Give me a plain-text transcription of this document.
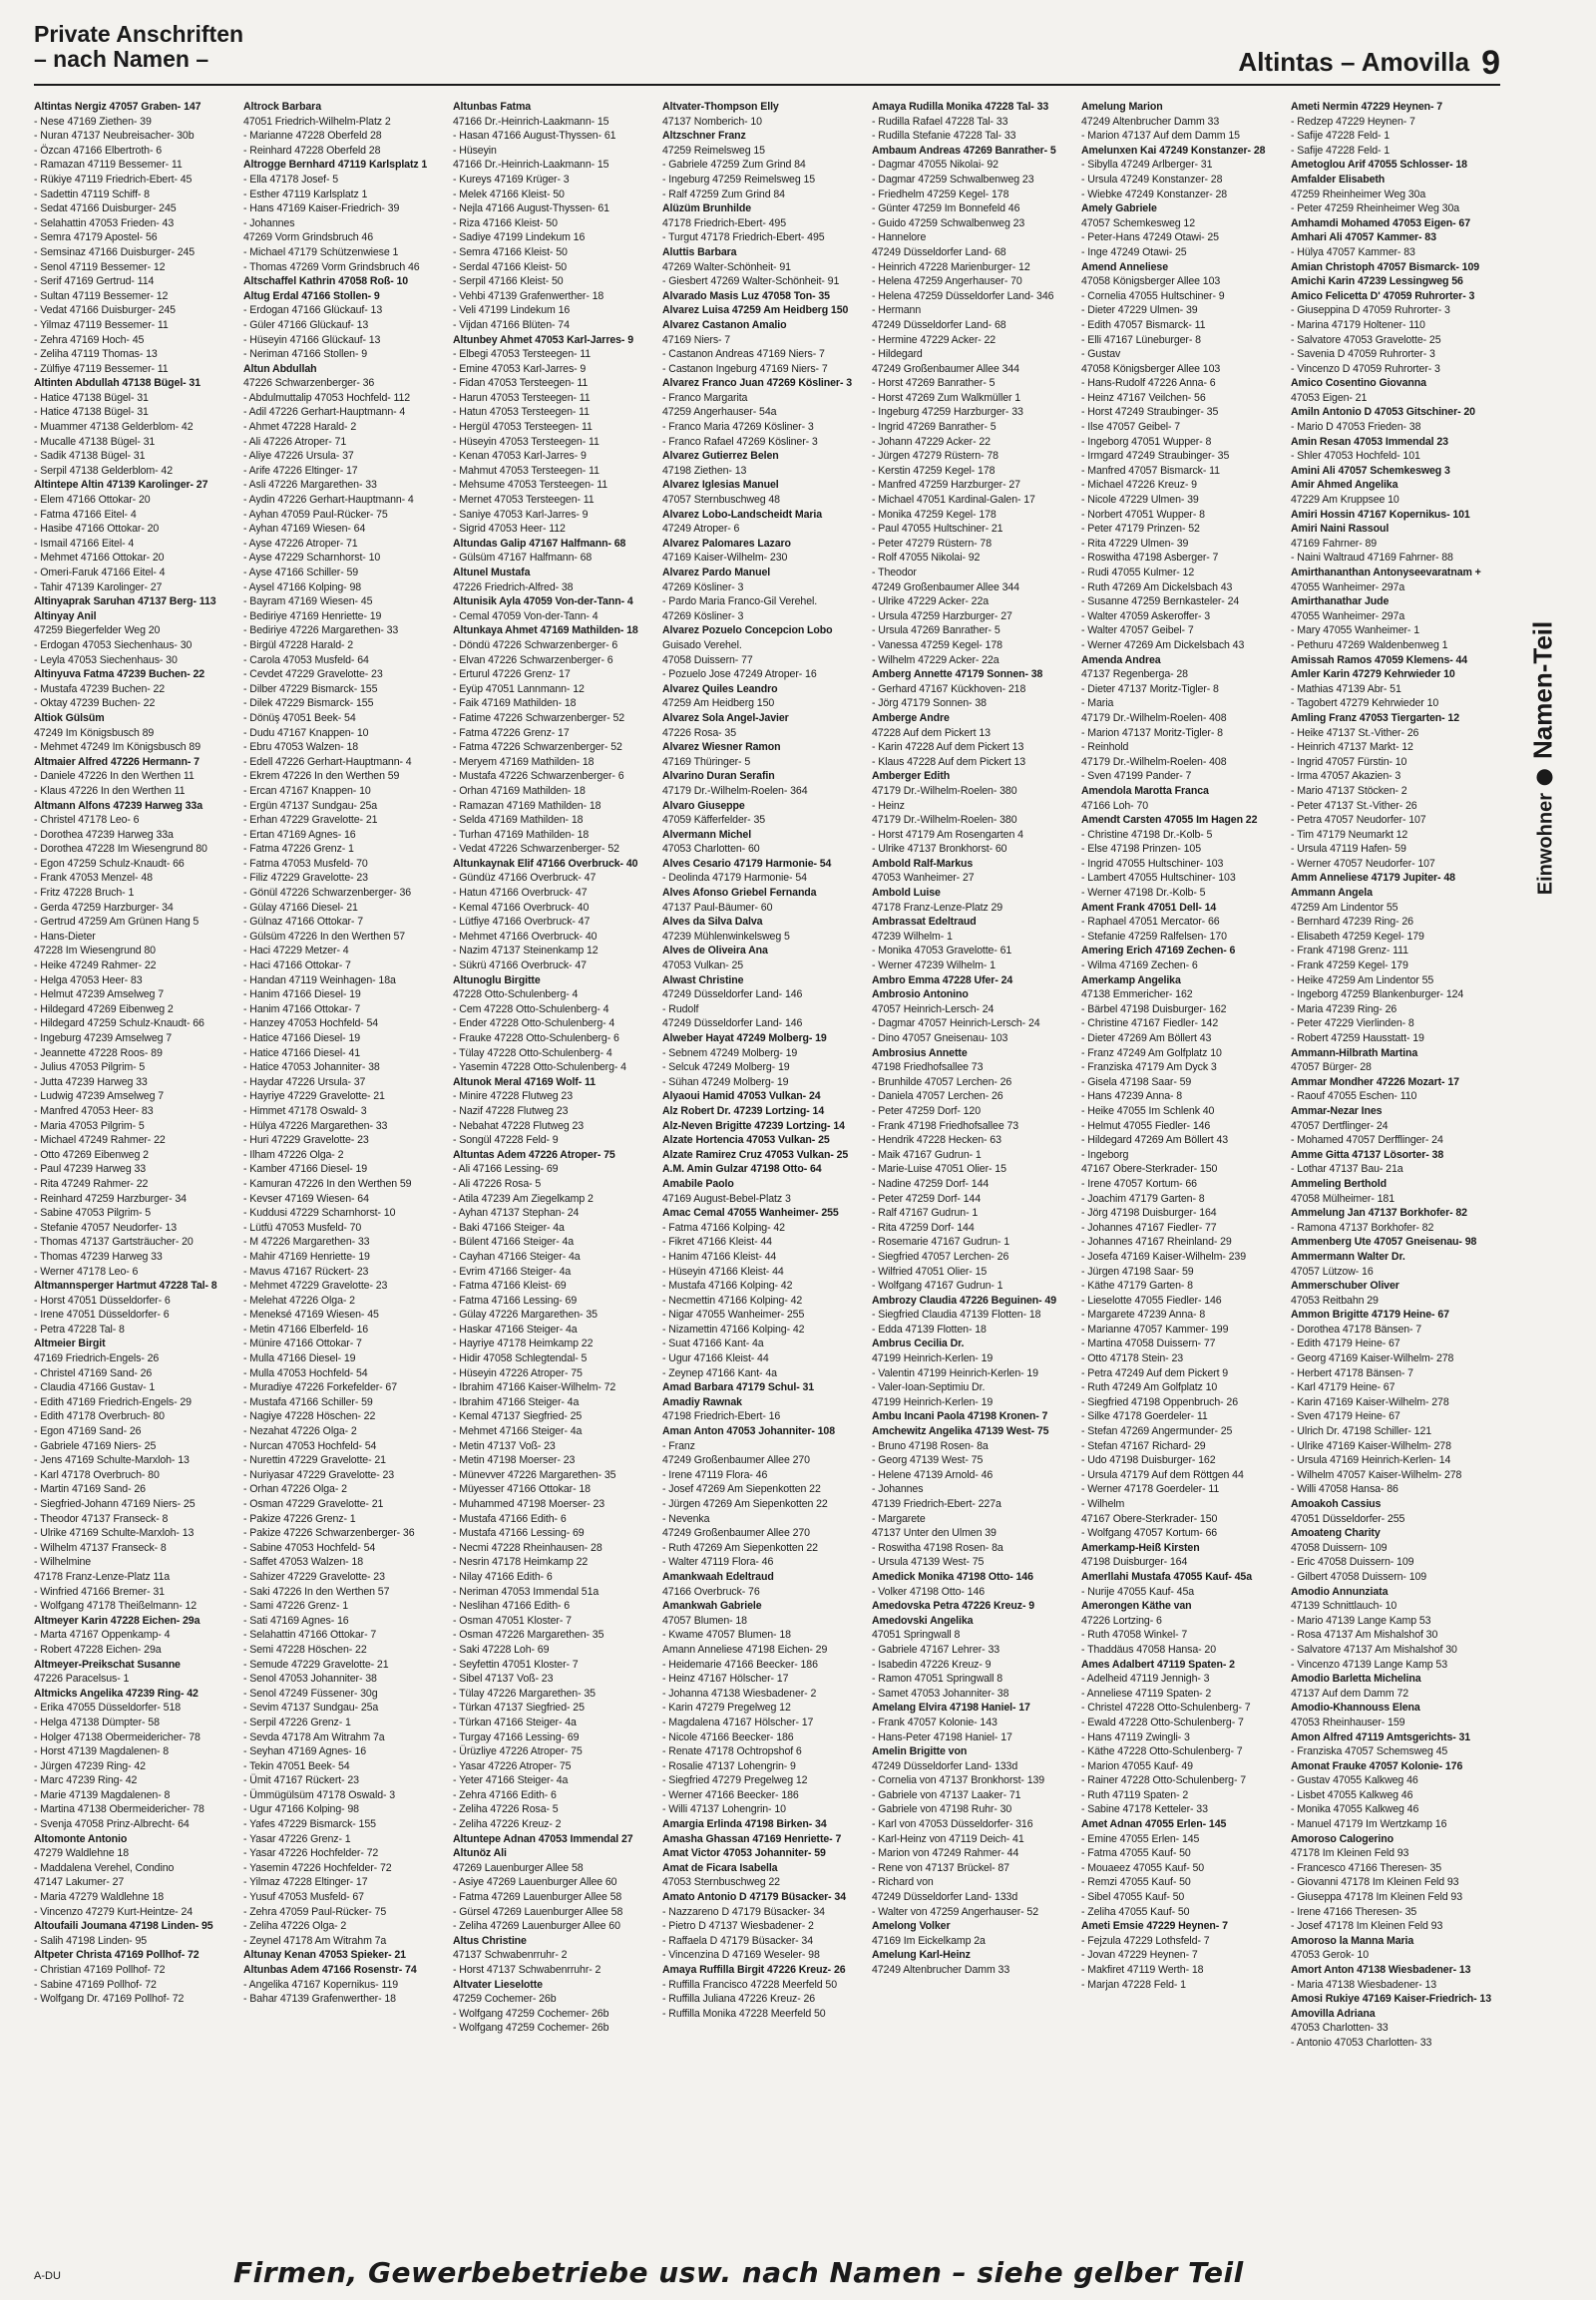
Private Anschriften
– nach Namen –	Altintas – Amovilla 9
Altintas Nergiz 47057 Graben- 147
- Nese 47169 Ziethen- 39
- Nuran 47137 Neubreisacher- 30b
- Özcan 47166 Elbertroth- 6
- Ramazan 47119 Bessemer- 11
- Rükiye 47119 Friedrich-Ebert- 45
- Sadettin 47119 Schiff- 8
- Sedat 47166 Duisburger- 245
- Selahattin 47053 Frieden- 43
- Semra 47179 Apostel- 56
- Semsinaz 47166 Duisburger- 245
- Senol 47119 Bessemer- 12
- Serif 47169 Gertrud- 114
- Sultan 47119 Bessemer- 12
- Vedat 47166 Duisburger- 245
- Yilmaz 47119 Bessemer- 11
- Zehra 47169 Hoch- 45
- Zeliha 47119 Thomas- 13
- Zülfiye 47119 Bessemer- 11
Altinten Abdullah 47138 Bügel- 31
- Hatice 47138 Bügel- 31
- Hatice 47138 Bügel- 31
- Muammer 47138 Gelderblom- 42
- Mucalle 47138 Bügel- 31
- Sadik 47138 Bügel- 31
- Serpil 47138 Gelderblom- 42
Altintepe Altin 47139 Karolinger- 27
- Elem 47166 Ottokar- 20
- Fatma 47166 Eitel- 4
- Hasibe 47166 Ottokar- 20
- Ismail 47166 Eitel- 4
- Mehmet 47166 Ottokar- 20
- Omeri-Faruk 47166 Eitel- 4
- Tahir 47139 Karolinger- 27
Altinyaprak Saruhan 47137 Berg- 113
Altinyay Anil
47259 Biegerfelder Weg 20
- Erdogan 47053 Siechenhaus- 30
- Leyla 47053 Siechenhaus- 30
Altinyuva Fatma 47239 Buchen- 22
- Mustafa 47239 Buchen- 22
- Oktay 47239 Buchen- 22
Altiok Gülsüm
47249 Im Königsbusch 89
- Mehmet 47249 Im Königsbusch 89
Altmaier Alfred 47226 Hermann- 7
- Daniele 47226 In den Werthen 11
- Klaus 47226 In den Werthen 11
Altmann Alfons 47239 Harweg 33a
- Christel 47178 Leo- 6
- Dorothea 47239 Harweg 33a
- Dorothea 47228 Im Wiesengrund 80
- Egon 47259 Schulz-Knaudt- 66
- Frank 47053 Menzel- 48
- Fritz 47228 Bruch- 1
- Gerda 47259 Harzburger- 34
- Gertrud 47259 Am Grünen Hang 5
- Hans-Dieter
47228 Im Wiesengrund 80
- Heike 47249 Rahmer- 22
- Helga 47053 Heer- 83
- Helmut 47239 Amselweg 7
- Hildegard 47269 Eibenweg 2
- Hildegard 47259 Schulz-Knaudt- 66
- Ingeburg 47239 Amselweg 7
- Jeannette 47228 Roos- 89
- Julius 47053 Pilgrim- 5
- Jutta 47239 Harweg 33
- Ludwig 47239 Amselweg 7
- Manfred 47053 Heer- 83
- Maria 47053 Pilgrim- 5
- Michael 47249 Rahmer- 22
- Otto 47269 Eibenweg 2
- Paul 47239 Harweg 33
- Rita 47249 Rahmer- 22
- Reinhard 47259 Harzburger- 34
- Sabine 47053 Pilgrim- 5
- Stefanie 47057 Neudorfer- 13
- Thomas 47137 Gartsträucher- 20
- Thomas 47239 Harweg 33
- Werner 47178 Leo- 6
Altmannsperger Hartmut 47228 Tal- 8
- Horst 47051 Düsseldorfer- 6
- Irene 47051 Düsseldorfer- 6
- Petra 47228 Tal- 8
Altmeier Birgit
47169 Friedrich-Engels- 26
- Christel 47169 Sand- 26
- Claudia 47166 Gustav- 1
- Edith 47169 Friedrich-Engels- 29
- Edith 47178 Overbruch- 80
- Egon 47169 Sand- 26
- Gabriele 47169 Niers- 25
- Jens 47169 Schulte-Marxloh- 13
- Karl 47178 Overbruch- 80
- Martin 47169 Sand- 26
- Siegfried-Johann 47169 Niers- 25
- Theodor 47137 Franseck- 8
- Ulrike 47169 Schulte-Marxloh- 13
- Wilhelm 47137 Franseck- 8
- Wilhelmine
47178 Franz-Lenze-Platz 11a
- Winfried 47166 Bremer- 31
- Wolfgang 47178 Theißelmann- 12
Altmeyer Karin 47228 Eichen- 29a
- Marta 47167 Oppenkamp- 4
- Robert 47228 Eichen- 29a
Altmeyer-Preikschat Susanne
47226 Paracelsus- 1
Altmicks Angelika 47239 Ring- 42
- Erika 47055 Düsseldorfer- 518
- Helga 47138 Dümpter- 58
- Holger 47138 Obermeidericher- 78
- Horst 47139 Magdalenen- 8
- Jürgen 47239 Ring- 42
- Marc 47239 Ring- 42
- Marie 47139 Magdalenen- 8
- Martina 47138 Obermeidericher- 78
- Svenja 47058 Prinz-Albrecht- 64
Altomonte Antonio
47279 Waldlehne 18
- Maddalena Verehel, Condino
47147 Lakumer- 27
- Maria 47279 Waldlehne 18
- Vincenzo 47279 Kurt-Heintze- 24
Altoufaili Joumana 47198 Linden- 95
- Salih 47198 Linden- 95
Altpeter Christa 47169 Pollhof- 72
- Christian 47169 Pollhof- 72
- Sabine 47169 Pollhof- 72
- Wolfgang Dr. 47169 Pollhof- 72
Altrock Barbara
47051 Friedrich-Wilhelm-Platz 2
- Marianne 47228 Oberfeld 28
- Reinhard 47228 Oberfeld 28
Altrogge Bernhard 47119 Karlsplatz 1
- Ella 47178 Josef- 5
- Esther 47119 Karlsplatz 1
- Hans 47169 Kaiser-Friedrich- 39
- Johannes
47269 Vorm Grindsbruch 46
- Michael 47179 Schützenwiese 1
- Thomas 47269 Vorm Grindsbruch 46
Altschaffel Kathrin 47058 Roß- 10
Altug Erdal 47166 Stollen- 9
- Erdogan 47166 Glückauf- 13
- Güler 47166 Glückauf- 13
- Hüseyin 47166 Glückauf- 13
- Neriman 47166 Stollen- 9
Altun Abdullah
47226 Schwarzenberger- 36
- Abdulmuttalip 47053 Hochfeld- 112
- Adil 47226 Gerhart-Hauptmann- 4
- Ahmet 47228 Harald- 2
- Ali 47226 Atroper- 71
- Aliye 47226 Ursula- 37
- Arife 47226 Eltinger- 17
- Asli 47226 Margarethen- 33
- Aydin 47226 Gerhart-Hauptmann- 4
- Ayhan 47059 Paul-Rücker- 75
- Ayhan 47169 Wiesen- 64
- Ayse 47226 Atroper- 71
- Ayse 47229 Scharnhorst- 10
- Ayse 47166 Schiller- 59
- Aysel 47166 Kolping- 98
- Bayram 47169 Wiesen- 45
- Bediriye 47169 Henriette- 19
- Bediriye 47226 Margarethen- 33
- Birgül 47228 Harald- 2
- Carola 47053 Musfeld- 64
- Cevdet 47229 Gravelotte- 23
- Dilber 47229 Bismarck- 155
- Dilek 47229 Bismarck- 155
- Dönüş 47051 Beek- 54
- Dudu 47167 Knappen- 10
- Ebru 47053 Walzen- 18
- Edell 47226 Gerhart-Hauptmann- 4
- Ekrem 47226 In den Werthen 59
- Ercan 47167 Knappen- 10
- Ergün 47137 Sundgau- 25a
- Erhan 47229 Gravelotte- 21
- Ertan 47169 Agnes- 16
- Fatma 47226 Grenz- 1
- Fatma 47053 Musfeld- 70
- Filiz 47229 Gravelotte- 23
- Gönül 47226 Schwarzenberger- 36
- Gülay 47166 Diesel- 21
- Gülnaz 47166 Ottokar- 7
- Gülsüm 47226 In den Werthen 57
- Haci 47229 Metzer- 4
- Haci 47166 Ottokar- 7
- Handan 47119 Weinhagen- 18a
- Hanim 47166 Diesel- 19
- Hanim 47166 Ottokar- 7
- Hanzey 47053 Hochfeld- 54
- Hatice 47166 Diesel- 19
- Hatice 47166 Diesel- 41
- Hatice 47053 Johanniter- 38
- Haydar 47226 Ursula- 37
- Hayriye 47229 Gravelotte- 21
- Himmet 47178 Oswald- 3
- Hülya 47226 Margarethen- 33
- Huri 47229 Gravelotte- 23
- Ilham 47226 Olga- 2
- Kamber 47166 Diesel- 19
- Kamuran 47226 In den Werthen 59
- Kevser 47169 Wiesen- 64
- Kuddusi 47229 Scharnhorst- 10
- Lütfü 47053 Musfeld- 70
- M 47226 Margarethen- 33
- Mahir 47169 Henriette- 19
- Mavus 47167 Rückert- 23
- Mehmet 47229 Gravelotte- 23
- Melehat 47226 Olga- 2
- Meneksé 47169 Wiesen- 45
- Metin 47166 Elberfeld- 16
- Münire 47166 Ottokar- 7
- Mulla 47166 Diesel- 19
- Mulla 47053 Hochfeld- 54
- Muradiye 47226 Forkefelder- 67
- Mustafa 47166 Schiller- 59
- Nagiye 47228 Höschen- 22
- Nezahat 47226 Olga- 2
- Nurcan 47053 Hochfeld- 54
- Nurettin 47229 Gravelotte- 21
- Nuriyasar 47229 Gravelotte- 23
- Orhan 47226 Olga- 2
- Osman 47229 Gravelotte- 21
- Pakize 47226 Grenz- 1
- Pakize 47226 Schwarzenberger- 36
- Sabine 47053 Hochfeld- 54
- Saffet 47053 Walzen- 18
- Sahizer 47229 Gravelotte- 23
- Saki 47226 In den Werthen 57
- Sami 47226 Grenz- 1
- Sati 47169 Agnes- 16
- Selahattin 47166 Ottokar- 7
- Semi 47228 Höschen- 22
- Semude 47229 Gravelotte- 21
- Senol 47053 Johanniter- 38
- Senol 47249 Füssener- 30g
- Sevim 47137 Sundgau- 25a
- Serpil 47226 Grenz- 1
- Sevda 47178 Am Witrahm 7a
- Seyhan 47169 Agnes- 16
- Tekin 47051 Beek- 54
- Ümit 47167 Rückert- 23
- Ümmügülsüm 47178 Oswald- 3
- Ugur 47166 Kolping- 98
- Yafes 47229 Bismarck- 155
- Yasar 47226 Grenz- 1
- Yasar 47226 Hochfelder- 72
- Yasemin 47226 Hochfelder- 72
- Yilmaz 47228 Eltinger- 17
- Yusuf 47053 Musfeld- 67
- Zehra 47059 Paul-Rücker- 75
- Zeliha 47226 Olga- 2
- Zeynel 47178 Am Witrahm 7a
Altunay Kenan 47053 Spieker- 21
Altunbas Adem 47166 Rosenstr- 74
- Angelika 47167 Kopernikus- 119
- Bahar 47139 Grafenwerther- 18
Altunbas Fatma
47166 Dr.-Heinrich-Laakmann- 15
- Hasan 47166 August-Thyssen- 61
- Hüseyin
47166 Dr.-Heinrich-Laakmann- 15
- Kureys 47169 Krüger- 3
- Melek 47166 Kleist- 50
- Nejla 47166 August-Thyssen- 61
- Riza 47166 Kleist- 50
- Sadiye 47199 Lindekum 16
- Semra 47166 Kleist- 50
- Serdal 47166 Kleist- 50
- Serpil 47166 Kleist- 50
- Vehbi 47139 Grafenwerther- 18
- Veli 47199 Lindekum 16
- Vijdan 47166 Blüten- 74
Altunbey Ahmet 47053 Karl-Jarres- 9
- Elbegi 47053 Tersteegen- 11
- Emine 47053 Karl-Jarres- 9
- Fidan 47053 Tersteegen- 11
- Harun 47053 Tersteegen- 11
- Hatun 47053 Tersteegen- 11
- Hergül 47053 Tersteegen- 11
- Hüseyin 47053 Tersteegen- 11
- Kenan 47053 Karl-Jarres- 9
- Mahmut 47053 Tersteegen- 11
- Mehsume 47053 Tersteegen- 11
- Mernet 47053 Tersteegen- 11
- Saniye 47053 Karl-Jarres- 9
- Sigrid 47053 Heer- 112
Altundas Galip 47167 Halfmann- 68
- Gülsüm 47167 Halfmann- 68
Altunel Mustafa
47226 Friedrich-Alfred- 38
Altunisik Ayla 47059 Von-der-Tann- 4
- Cemal 47059 Von-der-Tann- 4
Altunkaya Ahmet 47169 Mathilden- 18
- Döndü 47226 Schwarzenberger- 6
- Elvan 47226 Schwarzenberger- 6
- Erturul 47226 Grenz- 17
- Eyüp 47051 Lannmann- 12
- Faik 47169 Mathilden- 18
- Fatime 47226 Schwarzenberger- 52
- Fatma 47226 Grenz- 17
- Fatma 47226 Schwarzenberger- 52
- Meryem 47169 Mathilden- 18
- Mustafa 47226 Schwarzenberger- 6
- Orhan 47169 Mathilden- 18
- Ramazan 47169 Mathilden- 18
- Selda 47169 Mathilden- 18
- Turhan 47169 Mathilden- 18
- Vedat 47226 Schwarzenberger- 52
Altunkaynak Elif 47166 Overbruck- 40
- Gündüz 47166 Overbruck- 47
- Hatun 47166 Overbruck- 47
- Kemal 47166 Overbruck- 40
- Lütfiye 47166 Overbruck- 47
- Mehmet 47166 Overbruck- 40
- Nazim 47137 Steinenkamp 12
- Sükrü 47166 Overbruck- 47
Altunoglu Birgitte
47228 Otto-Schulenberg- 4
- Cem 47228 Otto-Schulenberg- 4
- Ender 47228 Otto-Schulenberg- 4
- Frauke 47228 Otto-Schulenberg- 6
- Tülay 47228 Otto-Schulenberg- 4
- Yasemin 47228 Otto-Schulenberg- 4
Altunok Meral 47169 Wolf- 11
- Minire 47228 Flutweg 23
- Nazif 47228 Flutweg 23
- Nebahat 47228 Flutweg 23
- Songül 47228 Feld- 9
Altuntas Adem 47226 Atroper- 75
- Ali 47166 Lessing- 69
- Ali 47226 Rosa- 5
- Atila 47239 Am Ziegelkamp 2
- Ayhan 47137 Stephan- 24
- Baki 47166 Steiger- 4a
- Bülent 47166 Steiger- 4a
- Cayhan 47166 Steiger- 4a
- Evrim 47166 Steiger- 4a
- Fatma 47166 Kleist- 69
- Fatma 47166 Lessing- 69
- Gülay 47226 Margarethen- 35
- Haskar 47166 Steiger- 4a
- Hayriye 47178 Heimkamp 22
- Hidir 47058 Schlegtendal- 5
- Hüseyin 47226 Atroper- 75
- Ibrahim 47166 Kaiser-Wilhelm- 72
- Ibrahim 47166 Steiger- 4a
- Kemal 47137 Siegfried- 25
- Mehmet 47166 Steiger- 4a
- Metin 47137 Voß- 23
- Metin 47198 Moerser- 23
- Münevver 47226 Margarethen- 35
- Müyesser 47166 Ottokar- 18
- Muhammed 47198 Moerser- 23
- Mustafa 47166 Edith- 6
- Mustafa 47166 Lessing- 69
- Necmi 47228 Rheinhausen- 28
- Nesrin 47178 Heimkamp 22
- Nilay 47166 Edith- 6
- Neriman 47053 Immendal 51a
- Neslihan 47166 Edith- 6
- Osman 47051 Kloster- 7
- Osman 47226 Margarethen- 35
- Saki 47228 Loh- 69
- Seyfettin 47051 Kloster- 7
- Sibel 47137 Voß- 23
- Tülay 47226 Margarethen- 35
- Türkan 47137 Siegfried- 25
- Türkan 47166 Steiger- 4a
- Turgay 47166 Lessing- 69
- Ürüzliye 47226 Atroper- 75
- Yasar 47226 Atroper- 75
- Yeter 47166 Steiger- 4a
- Zehra 47166 Edith- 6
- Zeliha 47226 Rosa- 5
- Zeliha 47226 Kreuz- 2
Altuntepe Adnan 47053 Immendal 27
Altunöz Ali
47269 Lauenburger Allee 58
- Asiye 47269 Lauenburger Allee 60
- Fatma 47269 Lauenburger Allee 58
- Gürsel 47269 Lauenburger Allee 58
- Zeliha 47269 Lauenburger Allee 60
Altus Christine
47137 Schwabenrruhr- 2
- Horst 47137 Schwabenrruhr- 2
Altvater Lieselotte
47259 Cochemer- 26b
- Wolfgang 47259 Cochemer- 26b
- Wolfgang 47259 Cochemer- 26b
Altvater-Thompson Elly
47137 Nomberich- 10
Altzschner Franz
47259 Reimelsweg 15
- Gabriele 47259 Zum Grind 84
- Ingeburg 47259 Reimelsweg 15
- Ralf 47259 Zum Grind 84
Alüzüm Brunhilde
47178 Friedrich-Ebert- 495
- Turgut 47178 Friedrich-Ebert- 495
Aluttis Barbara
47269 Walter-Schönheit- 91
- Giesbert 47269 Walter-Schönheit- 91
Alvarado Masis Luz 47058 Ton- 35
Alvarez Luisa 47259 Am Heidberg 150
Alvarez Castanon Amalio
47169 Niers- 7
- Castanon Andreas 47169 Niers- 7
- Castanon Ingeburg 47169 Niers- 7
Alvarez Franco Juan 47269 Kösliner- 3
- Franco Margarita
47259 Angerhauser- 54a
- Franco Maria 47269 Kösliner- 3
- Franco Rafael 47269 Kösliner- 3
Alvarez Gutierrez Belen
47198 Ziethen- 13
Alvarez Iglesias Manuel
47057 Sternbuschweg 48
Alvarez Lobo-Landscheidt Maria
47249 Atroper- 6
Alvarez Palomares Lazaro
47169 Kaiser-Wilhelm- 230
Alvarez Pardo Manuel
47269 Kösliner- 3
- Pardo Maria Franco-Gil Verehel.
47269 Kösliner- 3
Alvarez Pozuelo Concepcion Lobo
Guisado Verehel.
47058 Duissern- 77
- Pozuelo Jose 47249 Atroper- 16
Alvarez Quiles Leandro
47259 Am Heidberg 150
Alvarez Sola Angel-Javier
47226 Rosa- 35
Alvarez Wiesner Ramon
47169 Thüringer- 5
Alvarino Duran Serafin
47179 Dr.-Wilhelm-Roelen- 364
Alvaro Giuseppe
47059 Käfferfelder- 35
Alvermann Michel
47053 Charlotten- 60
Alves Cesario 47179 Harmonie- 54
- Deolinda 47179 Harmonie- 54
Alves Afonso Griebel Fernanda
47137 Paul-Bäumer- 60
Alves da Silva Dalva
47239 Mühlenwinkelsweg 5
Alves de Oliveira Ana
47053 Vulkan- 25
Alwast Christine
47249 Düsseldorfer Land- 146
- Rudolf
47249 Düsseldorfer Land- 146
Alweber Hayat 47249 Molberg- 19
- Sebnem 47249 Molberg- 19
- Selcuk 47249 Molberg- 19
- Sühan 47249 Molberg- 19
Alyaoui Hamid 47053 Vulkan- 24
Alz Robert Dr. 47239 Lortzing- 14
Alz-Neven Brigitte 47239 Lortzing- 14
Alzate Hortencia 47053 Vulkan- 25
Alzate Ramirez Cruz 47053 Vulkan- 25
A.M. Amin Gulzar 47198 Otto- 64
Amabile Paolo
47169 August-Bebel-Platz 3
Amac Cemal 47055 Wanheimer- 255
- Fatma 47166 Kolping- 42
- Fikret 47166 Kleist- 44
- Hanim 47166 Kleist- 44
- Hüseyin 47166 Kleist- 44
- Mustafa 47166 Kolping- 42
- Necmettin 47166 Kolping- 42
- Nigar 47055 Wanheimer- 255
- Nizamettin 47166 Kolping- 42
- Suat 47166 Kant- 4a
- Ugur 47166 Kleist- 44
- Zeynep 47166 Kant- 4a
Amad Barbara 47179 Schul- 31
Amadiy Rawnak
47198 Friedrich-Ebert- 16
Aman Anton 47053 Johanniter- 108
- Franz
47249 Großenbaumer Allee 270
- Irene 47119 Flora- 46
- Josef 47269 Am Siepenkotten 22
- Jürgen 47269 Am Siepenkotten 22
- Nevenka
47249 Großenbaumer Allee 270
- Ruth 47269 Am Siepenkotten 22
- Walter 47119 Flora- 46
Amankwaah Edeltraud
47166 Overbruck- 76
Amankwah Gabriele
47057 Blumen- 18
- Kwame 47057 Blumen- 18
Amann Anneliese 47198 Eichen- 29
- Heidemarie 47166 Beecker- 186
- Heinz 47167 Hölscher- 17
- Johanna 47138 Wiesbadener- 2
- Karin 47279 Pregelweg 12
- Magdalena 47167 Hölscher- 17
- Nicole 47166 Beecker- 186
- Renate 47178 Ochtropshof 6
- Rosalie 47137 Lohengrin- 9
- Siegfried 47279 Pregelweg 12
- Werner 47166 Beecker- 186
- Willi 47137 Lohengrin- 10
Amargia Erlinda 47198 Birken- 34
Amasha Ghassan 47169 Henriette- 7
Amat Victor 47053 Johanniter- 59
Amat de Ficara Isabella
47053 Sternbuschweg 22
Amato Antonio D 47179 Büsacker- 34
- Nazzareno D 47179 Büsacker- 34
- Pietro D 47137 Wiesbadener- 2
- Raffaela D 47179 Büsacker- 34
- Vincenzina D 47169 Weseler- 98
Amaya Ruffilla Birgit 47226 Kreuz- 26
- Ruffilla Francisco 47228 Meerfeld 50
- Ruffilla Juliana 47226 Kreuz- 26
- Ruffilla Monika 47228 Meerfeld 50
Amaya Rudilla Monika 47228 Tal- 33
- Rudilla Rafael 47228 Tal- 33
- Rudilla Stefanie 47228 Tal- 33
Ambaum Andreas 47269 Banrather- 5
- Dagmar 47055 Nikolai- 92
- Dagmar 47259 Schwalbenweg 23
- Friedhelm 47259 Kegel- 178
- Günter 47259 Im Bonnefeld 46
- Guido 47259 Schwalbenweg 23
- Hannelore
47249 Düsseldorfer Land- 68
- Heinrich 47228 Marienburger- 12
- Helena 47259 Angerhauser- 70
- Helena 47259 Düsseldorfer Land- 346
- Hermann
47249 Düsseldorfer Land- 68
- Hermine 47229 Acker- 22
- Hildegard
47249 Großenbaumer Allee 344
- Horst 47269 Banrather- 5
- Horst 47269 Zum Walkmüller 1
- Ingeburg 47259 Harzburger- 33
- Ingrid 47269 Banrather- 5
- Johann 47229 Acker- 22
- Jürgen 47279 Rüstern- 78
- Kerstin 47259 Kegel- 178
- Manfred 47259 Harzburger- 27
- Michael 47051 Kardinal-Galen- 17
- Monika 47259 Kegel- 178
- Paul 47055 Hultschiner- 21
- Peter 47279 Rüstern- 78
- Rolf 47055 Nikolai- 92
- Theodor
47249 Großenbaumer Allee 344
- Ulrike 47229 Acker- 22a
- Ursula 47259 Harzburger- 27
- Ursula 47269 Banrather- 5
- Vanessa 47259 Kegel- 178
- Wilhelm 47229 Acker- 22a
Amberg Annette 47179 Sonnen- 38
- Gerhard 47167 Kückhoven- 218
- Jörg 47179 Sonnen- 38
Amberge Andre
47228 Auf dem Pickert 13
- Karin 47228 Auf dem Pickert 13
- Klaus 47228 Auf dem Pickert 13
Amberger Edith
47179 Dr.-Wilhelm-Roelen- 380
- Heinz
47179 Dr.-Wilhelm-Roelen- 380
- Horst 47179 Am Rosengarten 4
- Ulrike 47137 Bronkhorst- 60
Ambold Ralf-Markus
47053 Wanheimer- 27
Ambold Luise
47178 Franz-Lenze-Platz 29
Ambrassat Edeltraud
47239 Wilhelm- 1
- Monika 47053 Gravelotte- 61
- Werner 47239 Wilhelm- 1
Ambro Emma 47228 Ufer- 24
Ambrosio Antonino
47057 Heinrich-Lersch- 24
- Dagmar 47057 Heinrich-Lersch- 24
- Dino 47057 Gneisenau- 103
Ambrosius Annette
47198 Friedhofsallee 73
- Brunhilde 47057 Lerchen- 26
- Daniela 47057 Lerchen- 26
- Peter 47259 Dorf- 120
- Frank 47198 Friedhofsallee 73
- Hendrik 47228 Hecken- 63
- Maik 47167 Gudrun- 1
- Marie-Luise 47051 Olier- 15
- Nadine 47259 Dorf- 144
- Peter 47259 Dorf- 144
- Ralf 47167 Gudrun- 1
- Rita 47259 Dorf- 144
- Rosemarie 47167 Gudrun- 1
- Siegfried 47057 Lerchen- 26
- Wilfried 47051 Olier- 15
- Wolfgang 47167 Gudrun- 1
Ambrozy Claudia 47226 Beguinen- 49
- Siegfried Claudia 47139 Flotten- 18
- Edda 47139 Flotten- 18
Ambrus Cecilia Dr.
47199 Heinrich-Kerlen- 19
- Valentin 47199 Heinrich-Kerlen- 19
- Valer-Ioan-Septimiu Dr.
47199 Heinrich-Kerlen- 19
Ambu Incani Paola 47198 Kronen- 7
Amchewitz Angelika 47139 West- 75
- Bruno 47198 Rosen- 8a
- Georg 47139 West- 75
- Helene 47139 Arnold- 46
- Johannes
47139 Friedrich-Ebert- 227a
- Margarete
47137 Unter den Ulmen 39
- Roswitha 47198 Rosen- 8a
- Ursula 47139 West- 75
Amedick Monika 47198 Otto- 146
- Volker 47198 Otto- 146
Amedovska Petra 47226 Kreuz- 9
Amedovski Angelika
47051 Springwall 8
- Gabriele 47167 Lehrer- 33
- Isabedin 47226 Kreuz- 9
- Ramon 47051 Springwall 8
- Samet 47053 Johanniter- 38
Amelang Elvira 47198 Haniel- 17
- Frank 47057 Kolonie- 143
- Hans-Peter 47198 Haniel- 17
Amelin Brigitte von
47249 Düsseldorfer Land- 133d
- Cornelia von 47137 Bronkhorst- 139
- Gabriele von 47137 Laaker- 71
- Gabriele von 47198 Ruhr- 30
- Karl von 47053 Düsseldorfer- 316
- Karl-Heinz von 47119 Deich- 41
- Marion von 47249 Rahmer- 44
- Rene von 47137 Brückel- 87
- Richard von
47249 Düsseldorfer Land- 133d
- Walter von 47259 Angerhauser- 52
Amelong Volker
47169 Im Eickelkamp 2a
Amelung Karl-Heinz
47249 Altenbrucher Damm 33
Amelung Marion
47249 Altenbrucher Damm 33
- Marion 47137 Auf dem Damm 15
Amelunxen Kai 47249 Konstanzer- 28
- Sibylla 47249 Arlberger- 31
- Ursula 47249 Konstanzer- 28
- Wiebke 47249 Konstanzer- 28
Amely Gabriele
47057 Schemkesweg 12
- Peter-Hans 47249 Otawi- 25
- Inge 47249 Otawi- 25
Amend Anneliese
47058 Königsberger Allee 103
- Cornelia 47055 Hultschiner- 9
- Dieter 47229 Ulmen- 39
- Edith 47057 Bismarck- 11
- Elli 47167 Lüneburger- 8
- Gustav
47058 Königsberger Allee 103
- Hans-Rudolf 47226 Anna- 6
- Heinz 47167 Veilchen- 56
- Horst 47249 Straubinger- 35
- Ilse 47057 Geibel- 7
- Ingeborg 47051 Wupper- 8
- Irmgard 47249 Straubinger- 35
- Manfred 47057 Bismarck- 11
- Michael 47226 Kreuz- 9
- Nicole 47229 Ulmen- 39
- Norbert 47051 Wupper- 8
- Peter 47179 Prinzen- 52
- Rita 47229 Ulmen- 39
- Roswitha 47198 Asberger- 7
- Rudi 47055 Kulmer- 12
- Ruth 47269 Am Dickelsbach 43
- Susanne 47259 Bernkasteler- 24
- Walter 47059 Askeroffer- 3
- Walter 47057 Geibel- 7
- Werner 47269 Am Dickelsbach 43
Amenda Andrea
47137 Regenberga- 28
- Dieter 47137 Moritz-Tigler- 8
- Maria
47179 Dr.-Wilhelm-Roelen- 408
- Marion 47137 Moritz-Tigler- 8
- Reinhold
47179 Dr.-Wilhelm-Roelen- 408
- Sven 47199 Pander- 7
Amendola Marotta Franca
47166 Loh- 70
Amendt Carsten 47055 Im Hagen 22
- Christine 47198 Dr.-Kolb- 5
- Else 47198 Prinzen- 105
- Ingrid 47055 Hultschiner- 103
- Lambert 47055 Hultschiner- 103
- Werner 47198 Dr.-Kolb- 5
Ament Frank 47051 Dell- 14
- Raphael 47051 Mercator- 66
- Stefanie 47259 Ralfelsen- 170
Amering Erich 47169 Zechen- 6
- Wilma 47169 Zechen- 6
Amerkamp Angelika
47138 Emmericher- 162
- Bärbel 47198 Duisburger- 162
- Christine 47167 Fiedler- 142
- Dieter 47269 Am Böllert 43
- Franz 47249 Am Golfplatz 10
- Franziska 47179 Am Dyck 3
- Gisela 47198 Saar- 59
- Hans 47239 Anna- 8
- Heike 47055 Im Schlenk 40
- Helmut 47055 Fiedler- 146
- Hildegard 47269 Am Böllert 43
- Ingeborg
47167 Obere-Sterkrader- 150
- Irene 47057 Kortum- 66
- Joachim 47179 Garten- 8
- Jörg 47198 Duisburger- 164
- Johannes 47167 Fiedler- 77
- Johannes 47167 Rheinland- 29
- Josefa 47169 Kaiser-Wilhelm- 239
- Jürgen 47198 Saar- 59
- Käthe 47179 Garten- 8
- Lieselotte 47055 Fiedler- 146
- Margarete 47239 Anna- 8
- Marianne 47057 Kammer- 199
- Martina 47058 Duissern- 77
- Otto 47178 Stein- 23
- Petra 47249 Auf dem Pickert 9
- Ruth 47249 Am Golfplatz 10
- Siegfried 47198 Oppenbruch- 26
- Silke 47178 Goerdeler- 11
- Stefan 47269 Angermunder- 25
- Stefan 47167 Richard- 29
- Udo 47198 Duisburger- 162
- Ursula 47179 Auf dem Röttgen 44
- Werner 47178 Goerdeler- 11
- Wilhelm
47167 Obere-Sterkrader- 150
- Wolfgang 47057 Kortum- 66
Amerkamp-Heiß Kirsten
47198 Duisburger- 164
Amerllahi Mustafa 47055 Kauf- 45a
- Nurije 47055 Kauf- 45a
Amerongen Käthe van
47226 Lortzing- 6
- Ruth 47058 Winkel- 7
- Thaddäus 47058 Hansa- 20
Ames Adalbert 47119 Spaten- 2
- Adelheid 47119 Jennigh- 3
- Anneliese 47119 Spaten- 2
- Christel 47228 Otto-Schulenberg- 7
- Ewald 47228 Otto-Schulenberg- 7
- Hans 47119 Zwingli- 3
- Käthe 47228 Otto-Schulenberg- 7
- Marion 47055 Kauf- 49
- Rainer 47228 Otto-Schulenberg- 7
- Ruth 47119 Spaten- 2
- Sabine 47178 Ketteler- 33
Amet Adnan 47055 Erlen- 145
- Emine 47055 Erlen- 145
- Fatma 47055 Kauf- 50
- Mouaeez 47055 Kauf- 50
- Remzi 47055 Kauf- 50
- Sibel 47055 Kauf- 50
- Zeliha 47055 Kauf- 50
Ameti Emsie 47229 Heynen- 7
- Fejzula 47229 Lothsfeld- 7
- Jovan 47229 Heynen- 7
- Makfiret 47119 Werth- 18
- Marjan 47228 Feld- 1
Ameti Nermin 47229 Heynen- 7
- Redzep 47229 Heynen- 7
- Safije 47228 Feld- 1
- Safije 47228 Feld- 1
Ametoglou Arif 47055 Schlosser- 18
Amfalder Elisabeth
47259 Rheinheimer Weg 30a
- Peter 47259 Rheinheimer Weg 30a
Amhamdi Mohamed 47053 Eigen- 67
Amhari Ali 47057 Kammer- 83
- Hülya 47057 Kammer- 83
Amian Christoph 47057 Bismarck- 109
Amichi Karin 47239 Lessingweg 56
Amico Felicetta D' 47059 Ruhrorter- 3
- Giuseppina D 47059 Ruhrorter- 3
- Marina 47179 Holtener- 110
- Salvatore 47053 Gravelotte- 25
- Savenia D 47059 Ruhrorter- 3
- Vincenzo D 47059 Ruhrorter- 3
Amico Cosentino Giovanna
47053 Eigen- 21
Amiln Antonio D 47053 Gitschiner- 20
- Mario D 47053 Frieden- 38
Amin Resan 47053 Immendal 23
- Shler 47053 Hochfeld- 101
Amini Ali 47057 Schemkesweg 3
Amir Ahmed Angelika
47229 Am Kruppsee 10
Amiri Hossin 47167 Kopernikus- 101
Amiri Naini Rassoul
47169 Fahrner- 89
- Naini Waltraud 47169 Fahrner- 88
Amirthananthan Antonyseevaratnam +
47055 Wanheimer- 297a
Amirthanathar Jude
47055 Wanheimer- 297a
- Mary 47055 Wanheimer- 1
- Pethuru 47269 Waldenbenweg 1
Amissah Ramos 47059 Klemens- 44
Amler Karin 47279 Kehrwieder 10
- Mathias 47139 Abr- 51
- Tagobert 47279 Kehrwieder 10
Amling Franz 47053 Tiergarten- 12
- Heike 47137 St.-Vither- 26
- Heinrich 47137 Markt- 12
- Ingrid 47057 Fürstin- 10
- Irma 47057 Akazien- 3
- Mario 47137 Stöcken- 2
- Peter 47137 St.-Vither- 26
- Petra 47057 Neudorfer- 107
- Tim 47179 Neumarkt 12
- Ursula 47119 Hafen- 59
- Werner 47057 Neudorfer- 107
Amm Anneliese 47179 Jupiter- 48
Ammann Angela
47259 Am Lindentor 55
- Bernhard 47239 Ring- 26
- Elisabeth 47259 Kegel- 179
- Frank 47198 Grenz- 111
- Frank 47259 Kegel- 179
- Heike 47259 Am Lindentor 55
- Ingeborg 47259 Blankenburger- 124
- Maria 47239 Ring- 26
- Peter 47229 Vierlinden- 8
- Robert 47259 Hausstatt- 19
Ammann-Hilbrath Martina
47057 Bürger- 28
Ammar Mondher 47226 Mozart- 17
- Raouf 47055 Eschen- 110
Ammar-Nezar Ines
47057 Dertflinger- 24
- Mohamed 47057 Derfflinger- 24
Amme Gitta 47137 Lösorter- 38
- Lothar 47137 Bau- 21a
Ammeling Berthold
47058 Mülheimer- 181
Ammelung Jan 47137 Borkhofer- 82
- Ramona 47137 Borkhofer- 82
Ammenberg Ute 47057 Gneisenau- 98
Ammermann Walter Dr.
47057 Lützow- 16
Ammerschuber Oliver
47053 Reitbahn 29
Ammon Brigitte 47179 Heine- 67
- Dorothea 47178 Bänsen- 7
- Edith 47179 Heine- 67
- Georg 47169 Kaiser-Wilhelm- 278
- Herbert 47178 Bänsen- 7
- Karl 47179 Heine- 67
- Karin 47169 Kaiser-Wilhelm- 278
- Sven 47179 Heine- 67
- Ulrich Dr. 47198 Schiller- 121
- Ulrike 47169 Kaiser-Wilhelm- 278
- Ursula 47169 Heinrich-Kerlen- 14
- Wilhelm 47057 Kaiser-Wilhelm- 278
- Willi 47058 Hansa- 86
Amoakoh Cassius
47051 Düsseldorfer- 255
Amoateng Charity
47058 Duissern- 109
- Eric 47058 Duissern- 109
- Gilbert 47058 Duissern- 109
Amodio Annunziata
47139 Schnittlauch- 10
- Mario 47139 Lange Kamp 53
- Rosa 47137 Am Mishalshof 30
- Salvatore 47137 Am Mishalshof 30
- Vincenzo 47139 Lange Kamp 53
Amodio Barletta Michelina
47137 Auf dem Damm 72
Amodio-Khannouss Elena
47053 Rheinhauser- 159
Amon Alfred 47119 Amtsgerichts- 31
- Franziska 47057 Schemsweg 45
Amonat Frauke 47057 Kolonie- 176
- Gustav 47055 Kalkweg 46
- Lisbet 47055 Kalkweg 46
- Monika 47055 Kalkweg 46
- Manuel 47179 Im Wertzkamp 16
Amoroso Calogerino
47178 Im Kleinen Feld 93
- Francesco 47166 Theresen- 35
- Giovanni 47178 Im Kleinen Feld 93
- Giuseppa 47178 Im Kleinen Feld 93
- Irene 47166 Theresen- 35
- Josef 47178 Im Kleinen Feld 93
Amoroso la Manna Maria
47053 Gerok- 10
Amort Anton 47138 Wiesbadener- 13
- Maria 47138 Wiesbadener- 13
Amosi Rukiye 47169 Kaiser-Friedrich- 13
Amovilla Adriana
47053 Charlotten- 33
- Antonio 47053 Charlotten- 33
EinwohnerNamen-Teil
A-DU	Firmen, Gewerbebetriebe usw. nach Namen – siehe gelber Teil
